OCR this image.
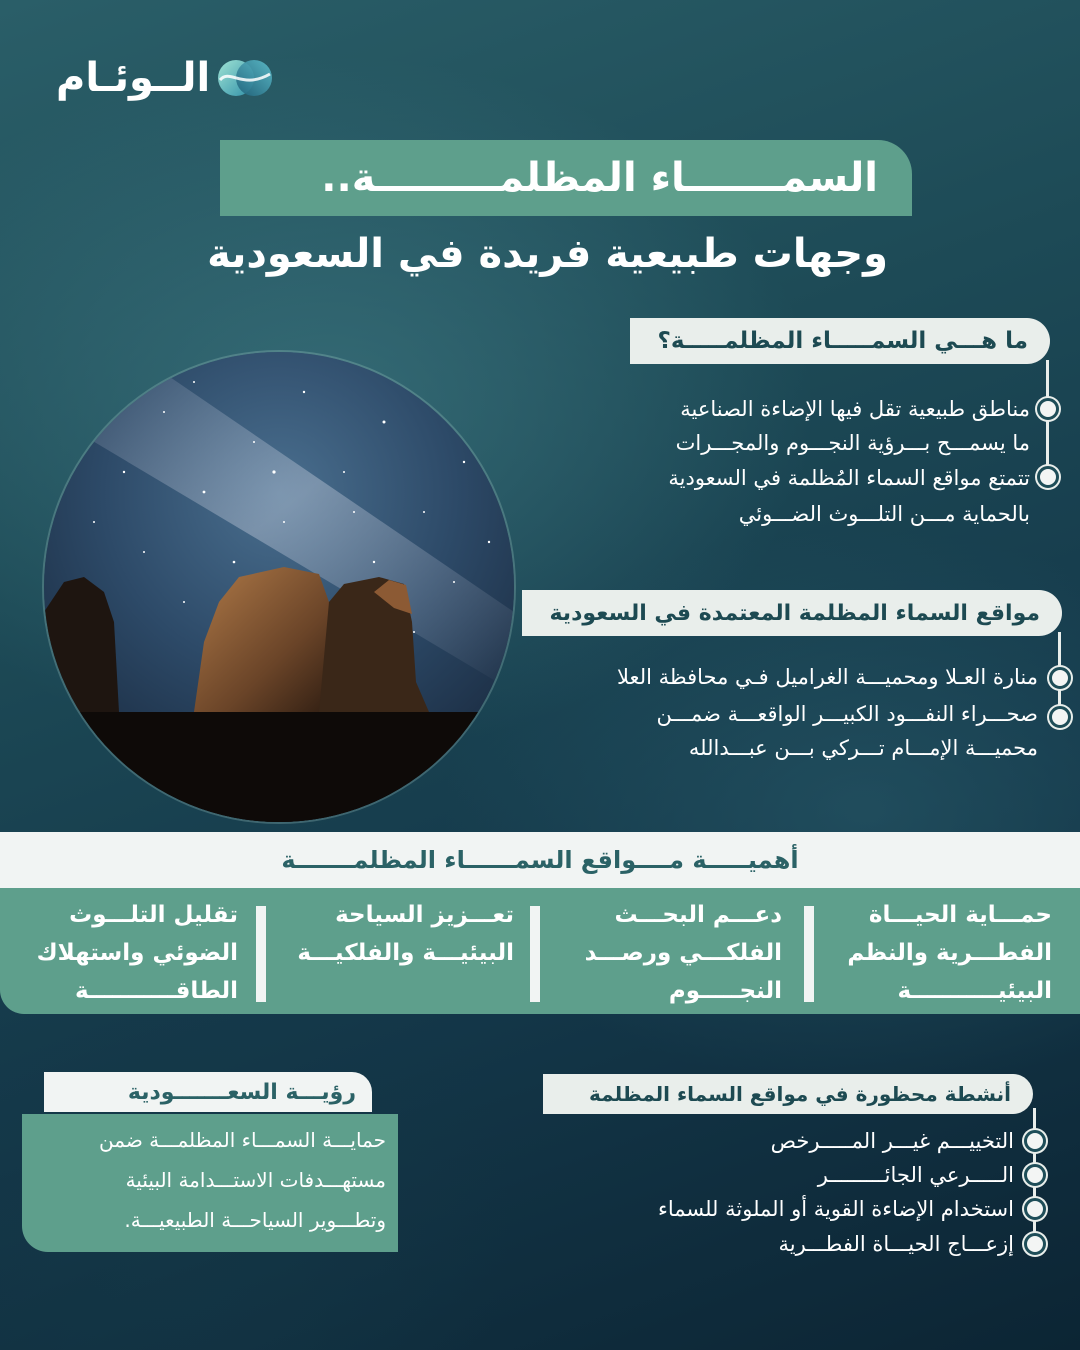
الــوئـام
السمـــــــاء المظلمـــــــــة..
وجهات طبيعية فريدة في السعودية
ما هـــي السمـــــاء المظلمـــــة؟
مناطق طبيعية تقل فيها الإضاءة الصناعية
ما يسمـــح بـــرؤية النجـــوم والمجـــرات
تتمتع مواقع السماء المُظلمة في السعودية
بالحماية مـــن التلـــوث الضـــوئي
مواقع السماء المظلمة المعتمدة في السعودية
منارة العـلا ومحميـــة الغراميل فـي محافظة العلا
صحـــراء النفـــود الكبيـــر الواقعـــة ضمـــن
محميـــة الإمـــام تـــركي بـــن عبـــدالله
أهميـــــة مــــواقع السمــــــاء المظلمـــــــة
حمـــاية الحيـــاة
الفطـــرية والنظم
البيئيـــــــــــة
دعـــم البحـــث
الفلكـــي ورصـــد
النجـــــوم
تعـــزيز السياحة
البيئيـــة والفلكيـــة
تقليل التلـــوث
الضوئي واستهلاك
الطاقـــــــــــة
رؤيـــة السعـــــــودية
حمايـــة السمـــاء المظلمـــة ضمن
مستهـــدفات الاستـــدامة البيئية
وتطـــوير السياحـــة الطبيعيـــة.
أنشطة محظورة في مواقع السماء المظلمة
التخييـــم غيـــر المـــــرخص
الـــــرعي الجائـــــــــر
استخدام الإضاءة القوية أو الملوثة للسماء
إزعـــاج الحيـــاة الفطـــرية
